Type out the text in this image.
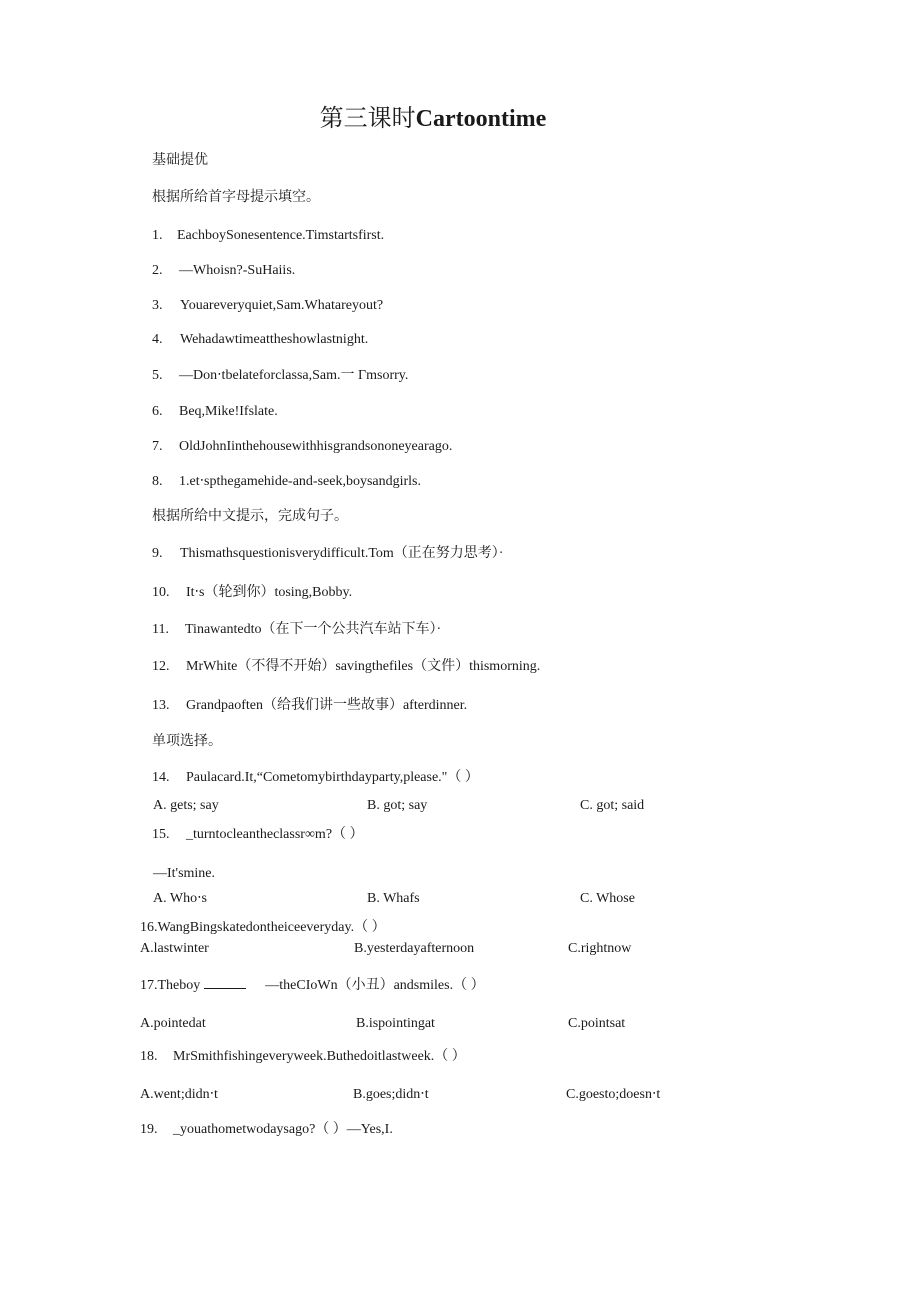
第三课时Cartoontime
基础提优
根据所给首字母提示填空。
1. EachboySonesentence.Timstartsfirst.
2. —Whoisn?-SuHaiis.
3. Youareveryquiet,Sam.Whatareyout?
4. Wehadawtimeattheshowlastnight.
5. —Don‧tbelateforclassa,Sam.一 Γmsorry.
6. Beq,Mike!Ifslate.
7. OldJohnIinthehousewithhisgrandsononeyearago.
8. 1.et‧spthegamehide-and-seek,boysandgirls.
根据所给中文提示，完成句子。
9. Thismathsquestionisverydifficult.Tom（正在努力思考）·
10. It‧s（轮到你）tosing,Bobby.
11. Tinawantedto（在下一个公共汽车站下车）·
12. MrWhite（不得不开始）savingthefiles（文件）thismorning.
13. Grandpaoften（给我们讲一些故事）afterdinner.
单项选择。
14. Paulacard.It,“Cometomybirthdayparty,please."（ ）
A. gets; say	B. got; say	C. got; said
15. _turntocleantheclassr∞m?（ ）
—It'smine.
A. Who‧s	B. Whafs	C. Whose
16.WangBingskatedontheiceeveryday.（ ）
A.lastwinter	B.yesterdayafternoon	C.rightnow
17.Theboy	—theCIoWn（小丑）andsmiles.（ ）
A.pointedat	B.ispointingat	C.pointsat
18. MrSmithfishingeveryweek.Buthedoitlastweek.（ ）
A.went;didn‧t	B.goes;didn‧t	C.goesto;doesn‧t
19. _youathometwodaysago?（ ）—Yes,I.
